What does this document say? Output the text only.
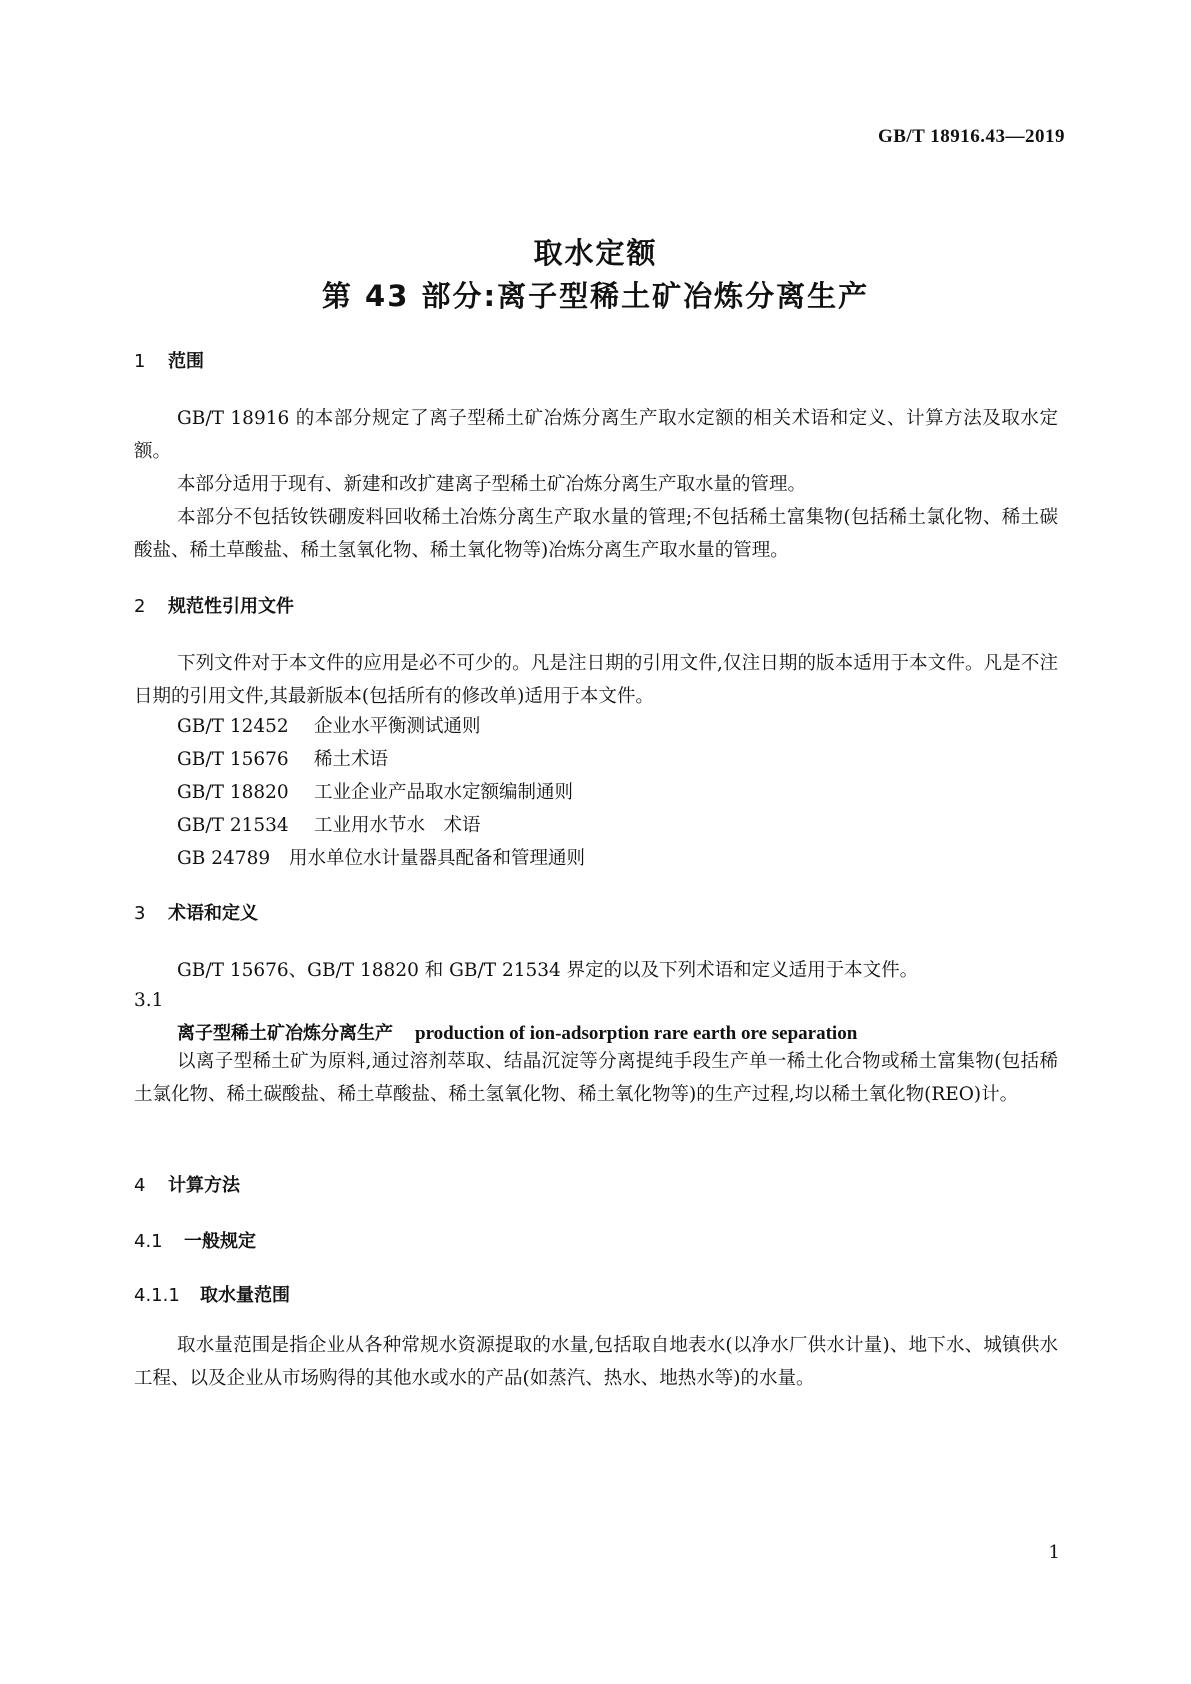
GB/T 18916.43—2019
取水定额
第 43 部分:离子型稀土矿冶炼分离生产
1 范围
GB/T 18916 的本部分规定了离子型稀土矿冶炼分离生产取水定额的相关术语和定义、计算方法及取水定额。
本部分适用于现有、新建和改扩建离子型稀土矿冶炼分离生产取水量的管理。
本部分不包括钕铁硼废料回收稀土冶炼分离生产取水量的管理;不包括稀土富集物(包括稀土氯化物、稀土碳酸盐、稀土草酸盐、稀土氢氧化物、稀土氧化物等)冶炼分离生产取水量的管理。
2 规范性引用文件
下列文件对于本文件的应用是必不可少的。凡是注日期的引用文件,仅注日期的版本适用于本文件。凡是不注日期的引用文件,其最新版本(包括所有的修改单)适用于本文件。
GB/T 12452 企业水平衡测试通则
GB/T 15676 稀土术语
GB/T 18820 工业企业产品取水定额编制通则
GB/T 21534 工业用水节水　术语
GB 24789 用水单位水计量器具配备和管理通则
3 术语和定义
GB/T 15676、GB/T 18820 和 GB/T 21534 界定的以及下列术语和定义适用于本文件。
3.1
离子型稀土矿冶炼分离生产 production of ion-adsorption rare earth ore separation
以离子型稀土矿为原料,通过溶剂萃取、结晶沉淀等分离提纯手段生产单一稀土化合物或稀土富集物(包括稀土氯化物、稀土碳酸盐、稀土草酸盐、稀土氢氧化物、稀土氧化物等)的生产过程,均以稀土氧化物(REO)计。
4 计算方法
4.1 一般规定
4.1.1 取水量范围
取水量范围是指企业从各种常规水资源提取的水量,包括取自地表水(以净水厂供水计量)、地下水、城镇供水工程、以及企业从市场购得的其他水或水的产品(如蒸汽、热水、地热水等)的水量。
1
